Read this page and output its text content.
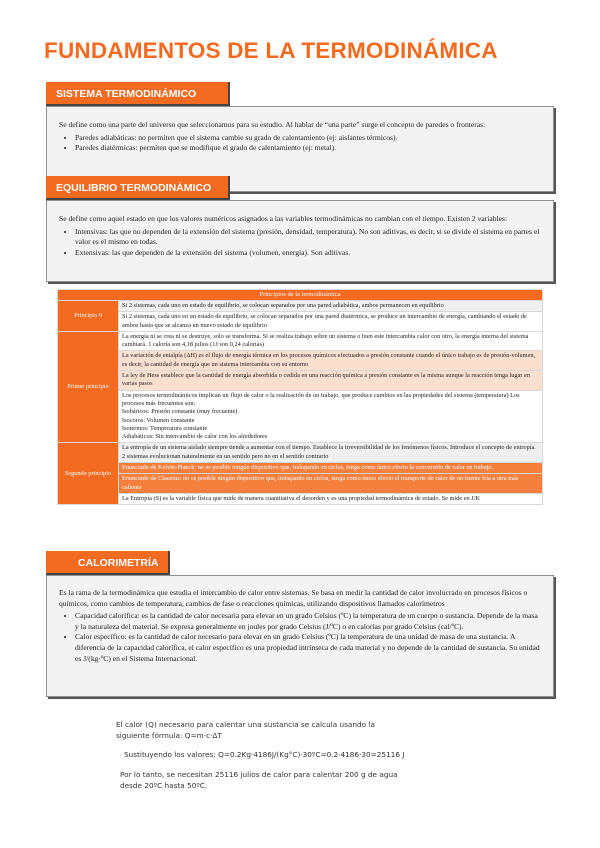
FUNDAMENTOS DE LA TERMODINÁMICA
SISTEMA TERMODINÁMICO

Se define como una parte del universo que seleccionamos para su estudio. Al hablar de “una parte” surge el concepto de paredes o fronteras:

• Paredes adiabáticas: no permiten que el sistema cambie su grado de calentamiento (ej: aislantes térmicos).
• Paredes diatérmicas: permiten que se modifique el grado de calentamiento (ej: metal).
EQUILIBRIO TERMODINÁMICO

Se define como aquel estado en que los valores numéricos asignados a las variables termodinámicas no cambian con el tiempo. Existen 2 variables:

• Intensivas: las que no dependen de la extensión del sistema (presión, densidad, temperatura). No son aditivas, es decir, si se divide el sistema en partes el valor es el mismo en todas.
• Extensivas: las que dependen de la extensión del sistema (volumen, energía). Son aditivas.
Principios de la termodinámica	
Principio 0	Si 2 sistemas, cada uno en estado de equilibrio, se colocan separados por una pared adiabática, ambos permanecen en equilibrio
	Si 2 sistemas, cada uno en un estado de equilibrio, se colocan separados por una pared diatérmica, se produce un intercambio de energía, cambiando el estado de ambos hasta que se alcanza un nuevo estado de equilibrio
Primer principio	La energía ni se crea ni se destruye, solo se transforma. Si se realiza trabajo sobre un sistema o bien este intercambia calor con otro, la energía interna del sistema cambiará. 1 caloría son 4,18 julios (1J son 0,24 calorías)
	La variación de entalpía (ΔH) es el flujo de energía térmica en los procesos químicos efectuados a presión constante cuando el único trabajo es de presión-volumen, es decir, la cantidad de energía que un sistema intercambia con su entorno
	La ley de Hess establece que la cantidad de energía absorbida o cedida en una reacción química a presión constante es la misma aunque la reacción tenga lugar en varias pasos

	Los procesos termodinámicos implican un flujo de calor o la realización de un trabajo, que produce cambios en las propiedades del sistema (temperatura) Los procesos más frecuentes son:
Isobáricos: Presión constante (muy frecuente)
Isocoros: Volumen constante
Isotermos: Temperatura constante
Adiabáticos: Sin intercambio de calor con los alrededores

Segundo principio	La entropía de un sistema aislado siempre tiende a aumentar con el tiempo. Establece la irreversibilidad de los fenómenos físicos. Introduce el concepto de entropía. 2 sistemas evolucionan naturalmente en un sentido pero no en el sentido contrario
	Enunciado de Kelvin-Planck: no es posible ningún dispositivo que, trabajando en ciclos, tenga como único efecto la conversión de calor en trabajo.
	Enunciado de Clausius: no es posible ningún dispositivo que, trabajando en ciclos, tenga como único efecto el transporte de calor de un fuente fría a otra más caliente
	La Entropía (S) es la variable física que mide de manera cuantitativa el desorden y es una propiedad termodinámica de estado. Se mide en J/K
CALORIMETRÍA

Es la rama de la termodinámica que estudia el intercambio de calor entre sistemas. Se basa en medir la cantidad de calor involucrado en procesos físicos o químicos, como cambios de temperatura, cambios de fase o reacciones químicas, utilizando dispositivos llamados calorímetros

• Capacidad calorífica: es la cantidad de calor necesaria para elevar en un grado Celsius (ºC) la temperatura de un cuerpo o sustancia. Depende de la masa y la naturaleza del material. Se expresa generalmente en joules por grado Celsius (J/ºC) o en calorías por grado Celsius (cal/ºC).
• Calor específico: es la cantidad de calor necesario para elevar en un grado Celsius (ºC) la temperatura de una unidad de masa de una sustancia. A diferencia de la capacidad calorífica, el calor específico es una propiedad intrínseca de cada material y no depende de la cantidad de sustancia. Su unidad es J/(kg·ºC) en el Sistema Internacional.
El calor (Q) necesario para calentar una sustancia se calcula usando la
siguiente fórmula: Q=m·c·ΔT
Sustituyendo los valores: Q=0.2Kg·4186J/(Kg°C)·30ºC=0.2·4186·30=25116 J
Por lo tanto, se necesitan 25116 julios de calor para calentar 200 g de agua
desde 20ºC hasta 50ºC.
